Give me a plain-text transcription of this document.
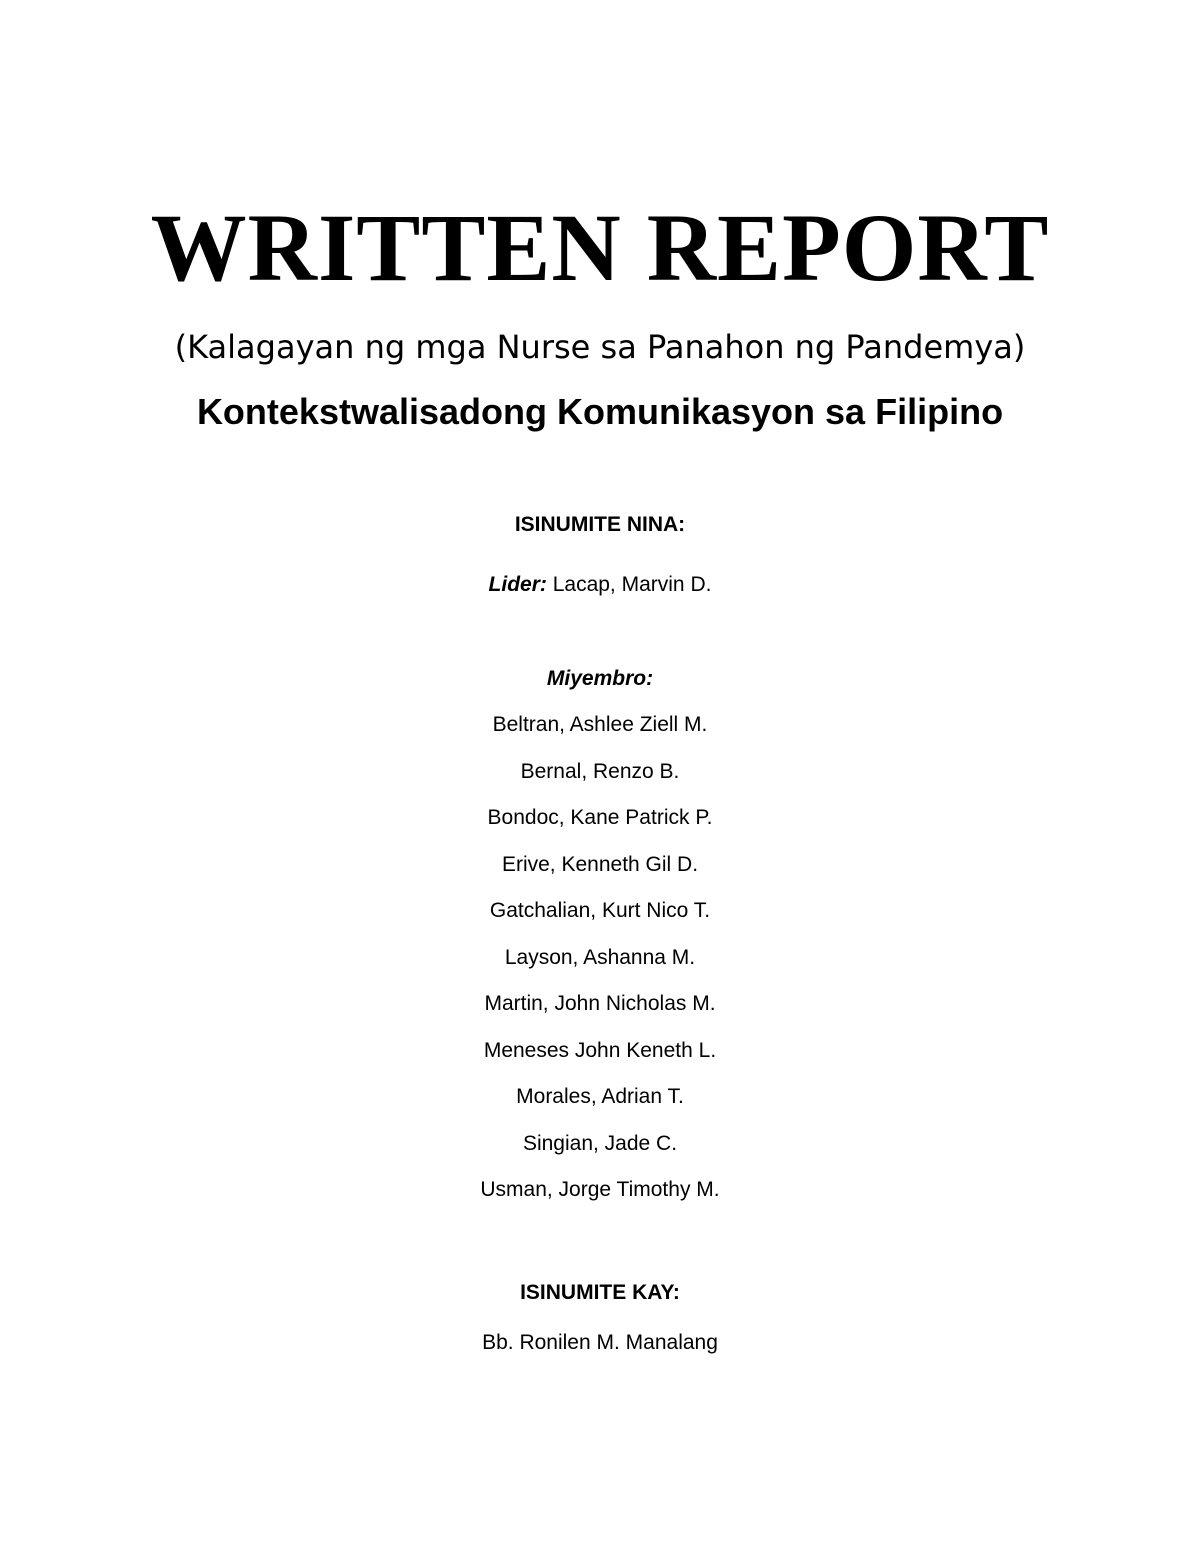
WRITTEN REPORT
(Kalagayan ng mga Nurse sa Panahon ng Pandemya)
Kontekstwalisadong Komunikasyon sa Filipino
ISINUMITE NINA:
Lider: Lacap, Marvin D.
Miyembro:
Beltran, Ashlee Ziell M.
Bernal, Renzo B.
Bondoc, Kane Patrick P.
Erive, Kenneth Gil D.
Gatchalian, Kurt Nico T.
Layson, Ashanna M.
Martin, John Nicholas M.
Meneses John Keneth L.
Morales, Adrian T.
Singian, Jade C.
Usman, Jorge Timothy M.
ISINUMITE KAY:
Bb. Ronilen M. Manalang
